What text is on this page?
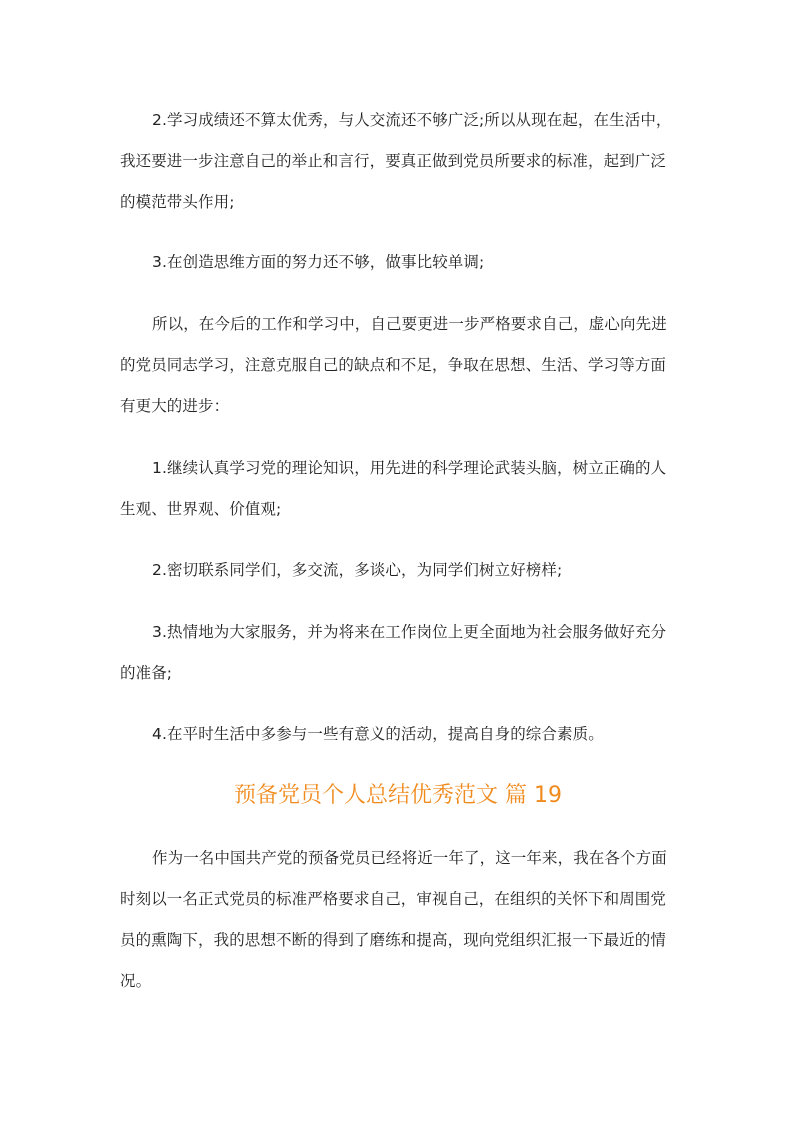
2.学习成绩还不算太优秀，与人交流还不够广泛;所以从现在起，在生活中，我还要进一步注意自己的举止和言行，要真正做到党员所要求的标准，起到广泛的模范带头作用;

3.在创造思维方面的努力还不够，做事比较单调;

所以，在今后的工作和学习中，自己要更进一步严格要求自己，虚心向先进的党员同志学习，注意克服自己的缺点和不足，争取在思想、生活、学习等方面有更大的进步：

1.继续认真学习党的理论知识，用先进的科学理论武装头脑，树立正确的人生观、世界观、价值观;

2.密切联系同学们，多交流，多谈心，为同学们树立好榜样;

3.热情地为大家服务，并为将来在工作岗位上更全面地为社会服务做好充分的准备;

4.在平时生活中多参与一些有意义的活动，提高自身的综合素质。

预备党员个人总结优秀范文 篇 19

作为一名中国共产党的预备党员已经将近一年了，这一年来，我在各个方面时刻以一名正式党员的标准严格要求自己，审视自己，在组织的关怀下和周围党员的熏陶下，我的思想不断的得到了磨练和提高，现向党组织汇报一下最近的情况。
